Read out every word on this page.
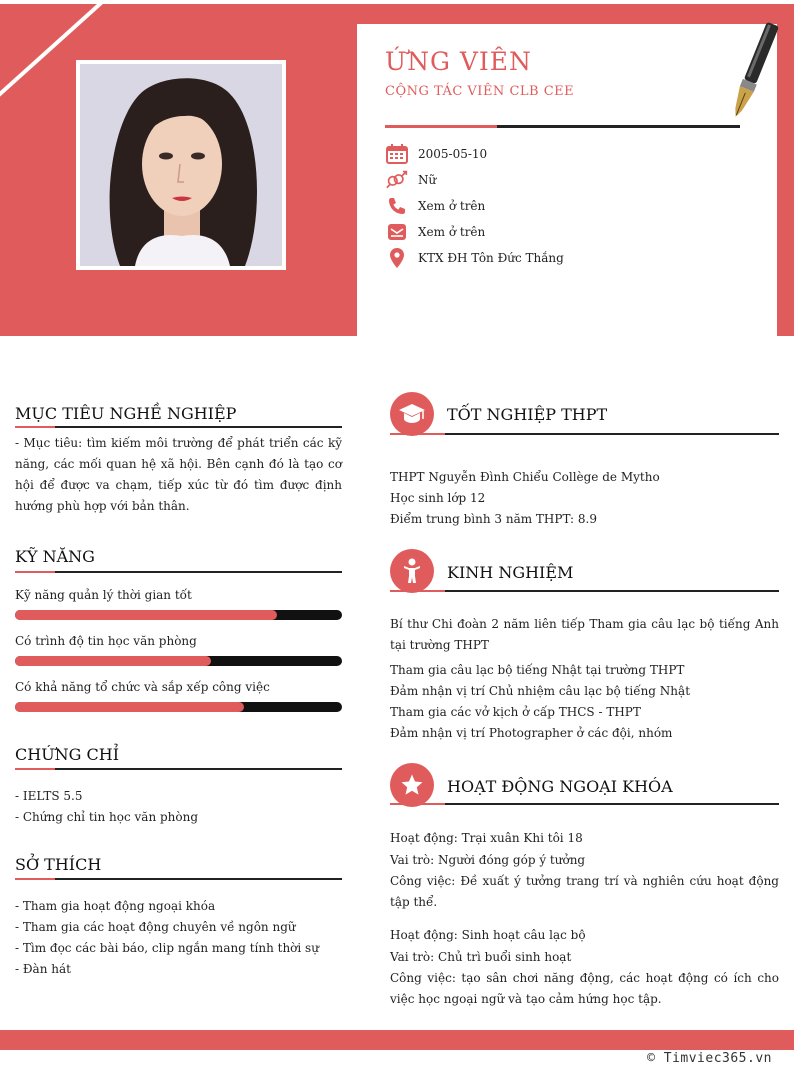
ỨNG VIÊN
CỘNG TÁC VIÊN CLB CEE
2005-05-10
Nữ
Xem ở trên
Xem ở trên
KTX ĐH Tôn Đức Thắng
MỤC TIÊU NGHỀ NGHIỆP
- Mục tiêu: tìm kiếm môi trường để phát triển các kỹ năng, các mối quan hệ xã hội. Bên cạnh đó là tạo cơ hội để được va chạm, tiếp xúc từ đó tìm được định hướng phù hợp với bản thân.
KỸ NĂNG
Kỹ năng quản lý thời gian tốt
Có trình độ tin học văn phòng
Có khả năng tổ chức và sắp xếp công việc
CHỨNG CHỈ
- IELTS 5.5
- Chứng chỉ tin học văn phòng
SỞ THÍCH
- Tham gia hoạt động ngoại khóa
- Tham gia các hoạt động chuyên về ngôn ngữ
- Tìm đọc các bài báo, clip ngắn mang tính thời sự
- Đàn hát
TỐT NGHIỆP THPT
THPT Nguyễn Đình Chiểu Collège de Mytho
Học sinh lớp 12
Điểm trung bình 3 năm THPT: 8.9
KINH NGHIỆM
Bí thư Chi đoàn 2 năm liên tiếp Tham gia câu lạc bộ tiếng Anh tại trường THPT
Tham gia câu lạc bộ tiếng Nhật tại trường THPT
Đảm nhận vị trí Chủ nhiệm câu lạc bộ tiếng Nhật
Tham gia các vở kịch ở cấp THCS - THPT
Đảm nhận vị trí Photographer ở các đội, nhóm
HOẠT ĐỘNG NGOẠI KHÓA
Hoạt động: Trại xuân Khi tôi 18
Vai trò: Người đóng góp ý tưởng
Công việc: Đề xuất ý tưởng trang trí và nghiên cứu hoạt động tập thể.
Hoạt động: Sinh hoạt câu lạc bộ
Vai trò: Chủ trì buổi sinh hoạt
Công việc: tạo sân chơi năng động, các hoạt động có ích cho việc học ngoại ngữ và tạo cảm hứng học tập.
© Timviec365.vn
